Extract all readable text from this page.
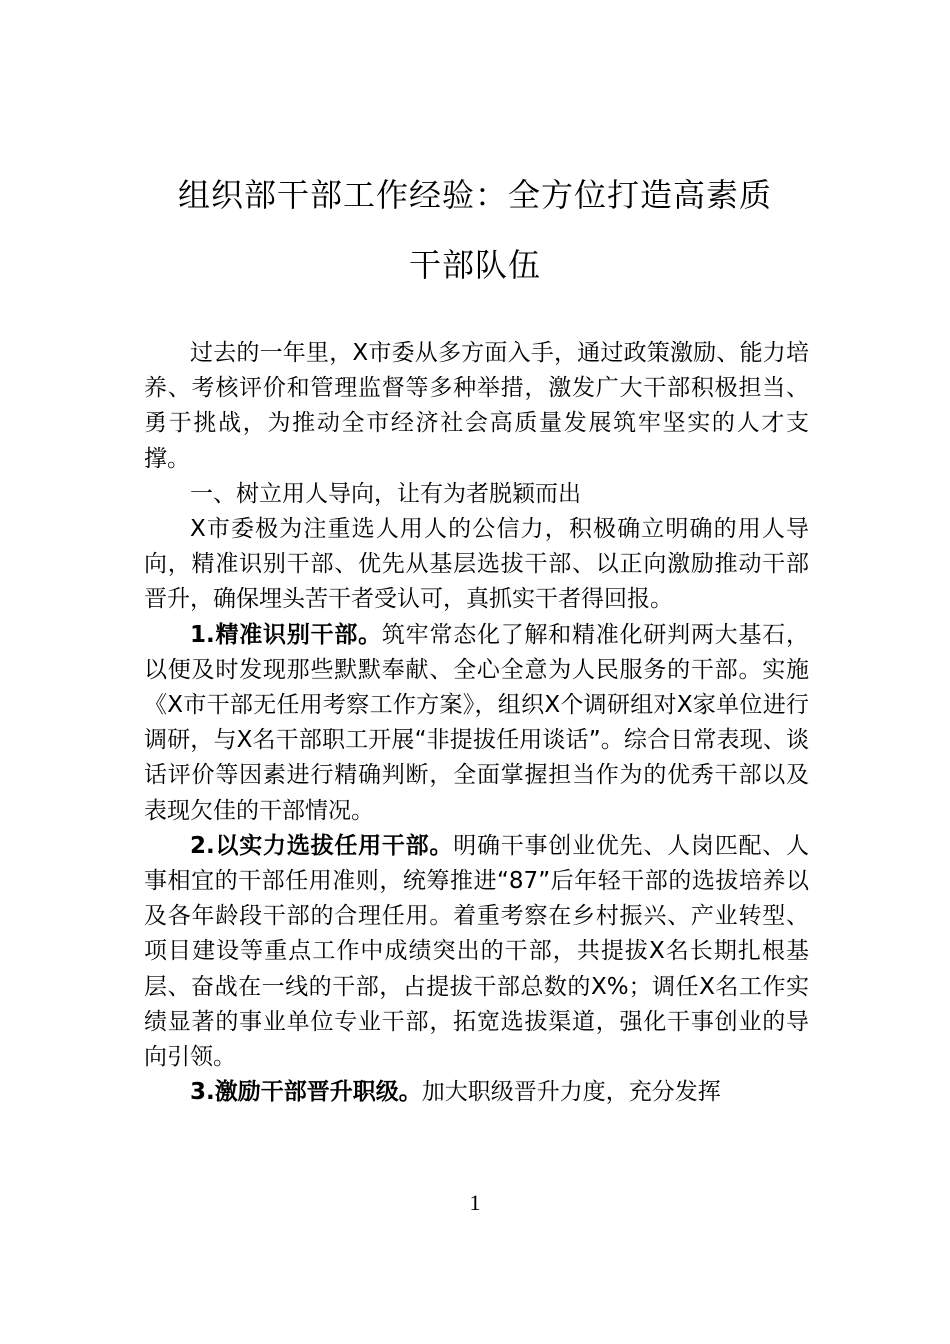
组织部干部工作经验：全方位打造高素质
干部队伍

过去的一年里，X市委从多方面入手，通过政策激励、能力培养、考核评价和管理监督等多种举措，激发广大干部积极担当、勇于挑战，为推动全市经济社会高质量发展筑牢坚实的人才支撑。

一、树立用人导向，让有为者脱颖而出

X市委极为注重选人用人的公信力，积极确立明确的用人导向，精准识别干部、优先从基层选拔干部、以正向激励推动干部晋升，确保埋头苦干者受认可，真抓实干者得回报。

1.精准识别干部。筑牢常态化了解和精准化研判两大基石，以便及时发现那些默默奉献、全心全意为人民服务的干部。实施《X市干部无任用考察工作方案》，组织X个调研组对X家单位进行调研，与X名干部职工开展“非提拔任用谈话”。综合日常表现、谈话评价等因素进行精确判断，全面掌握担当作为的优秀干部以及表现欠佳的干部情况。

2.以实力选拔任用干部。明确干事创业优先、人岗匹配、人事相宜的干部任用准则，统筹推进“87”后年轻干部的选拔培养以及各年龄段干部的合理任用。着重考察在乡村振兴、产业转型、项目建设等重点工作中成绩突出的干部，共提拔X名长期扎根基层、奋战在一线的干部，占提拔干部总数的X%；调任X名工作实绩显著的事业单位专业干部，拓宽选拔渠道，强化干事创业的导向引领。

3.激励干部晋升职级。加大职级晋升力度，充分发挥

1
